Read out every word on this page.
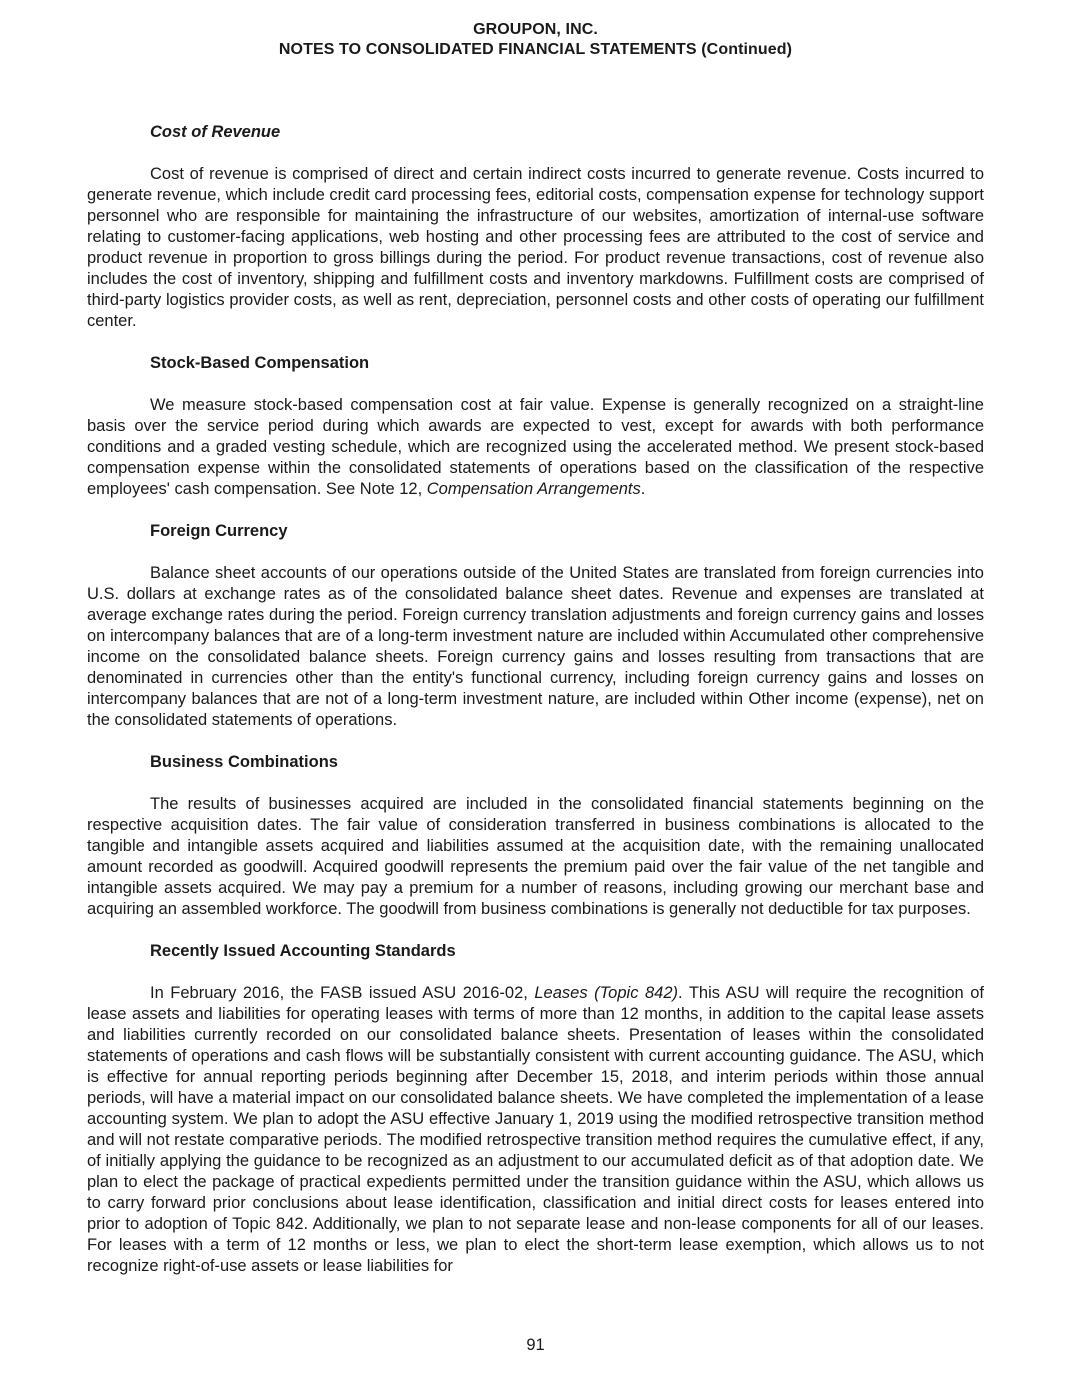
GROUPON, INC.
NOTES TO CONSOLIDATED FINANCIAL STATEMENTS (Continued)
Cost of Revenue

Cost of revenue is comprised of direct and certain indirect costs incurred to generate revenue. Costs incurred to generate revenue, which include credit card processing fees, editorial costs, compensation expense for technology support personnel who are responsible for maintaining the infrastructure of our websites, amortization of internal-use software relating to customer-facing applications, web hosting and other processing fees are attributed to the cost of service and product revenue in proportion to gross billings during the period. For product revenue transactions, cost of revenue also includes the cost of inventory, shipping and fulfillment costs and inventory markdowns. Fulfillment costs are comprised of third-party logistics provider costs, as well as rent, depreciation, personnel costs and other costs of operating our fulfillment center.

Stock-Based Compensation

We measure stock-based compensation cost at fair value. Expense is generally recognized on a straight-line basis over the service period during which awards are expected to vest, except for awards with both performance conditions and a graded vesting schedule, which are recognized using the accelerated method. We present stock-based compensation expense within the consolidated statements of operations based on the classification of the respective employees' cash compensation. See Note 12, Compensation Arrangements.

Foreign Currency

Balance sheet accounts of our operations outside of the United States are translated from foreign currencies into U.S. dollars at exchange rates as of the consolidated balance sheet dates. Revenue and expenses are translated at average exchange rates during the period. Foreign currency translation adjustments and foreign currency gains and losses on intercompany balances that are of a long-term investment nature are included within Accumulated other comprehensive income on the consolidated balance sheets. Foreign currency gains and losses resulting from transactions that are denominated in currencies other than the entity's functional currency, including foreign currency gains and losses on intercompany balances that are not of a long-term investment nature, are included within Other income (expense), net on the consolidated statements of operations.

Business Combinations

The results of businesses acquired are included in the consolidated financial statements beginning on the respective acquisition dates. The fair value of consideration transferred in business combinations is allocated to the tangible and intangible assets acquired and liabilities assumed at the acquisition date, with the remaining unallocated amount recorded as goodwill. Acquired goodwill represents the premium paid over the fair value of the net tangible and intangible assets acquired. We may pay a premium for a number of reasons, including growing our merchant base and acquiring an assembled workforce. The goodwill from business combinations is generally not deductible for tax purposes.

Recently Issued Accounting Standards

In February 2016, the FASB issued ASU 2016-02, Leases (Topic 842). This ASU will require the recognition of lease assets and liabilities for operating leases with terms of more than 12 months, in addition to the capital lease assets and liabilities currently recorded on our consolidated balance sheets. Presentation of leases within the consolidated statements of operations and cash flows will be substantially consistent with current accounting guidance. The ASU, which is effective for annual reporting periods beginning after December 15, 2018, and interim periods within those annual periods, will have a material impact on our consolidated balance sheets. We have completed the implementation of a lease accounting system. We plan to adopt the ASU effective January 1, 2019 using the modified retrospective transition method and will not restate comparative periods. The modified retrospective transition method requires the cumulative effect, if any, of initially applying the guidance to be recognized as an adjustment to our accumulated deficit as of that adoption date. We plan to elect the package of practical expedients permitted under the transition guidance within the ASU, which allows us to carry forward prior conclusions about lease identification, classification and initial direct costs for leases entered into prior to adoption of Topic 842. Additionally, we plan to not separate lease and non-lease components for all of our leases. For leases with a term of 12 months or less, we plan to elect the short-term lease exemption, which allows us to not recognize right-of-use assets or lease liabilities for

91
